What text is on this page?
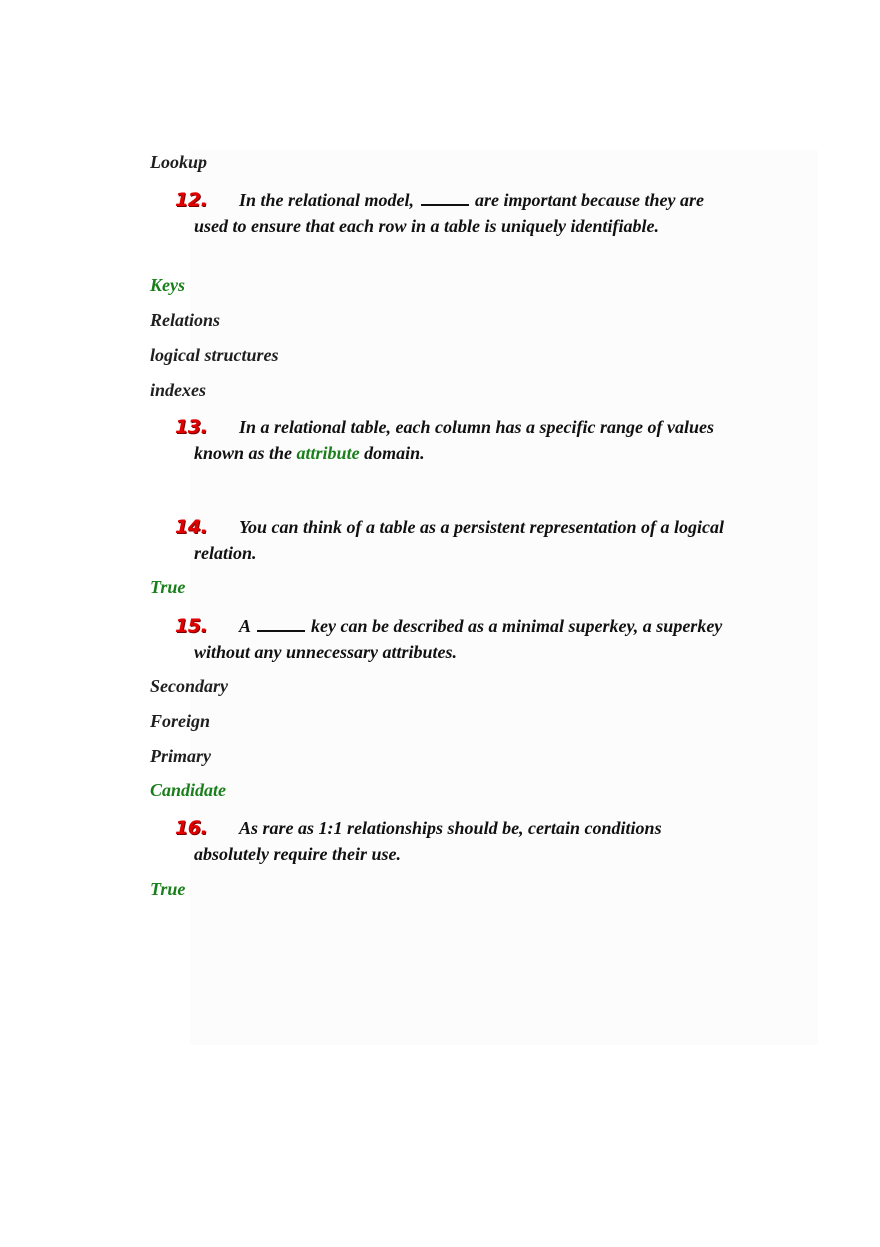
Lookup
12.	In the relational model,	are important because they are used to ensure that each row in a table is uniquely identifiable.
Keys
Relations
logical structures
indexes
13.	In a relational table, each column has a specific range of values known as the attribute domain.
14.	You can think of a table as a persistent representation of a logical relation.
True
15.	A	key can be described as a minimal superkey, a superkey without any unnecessary attributes.
Secondary
Foreign
Primary
Candidate
16.	As rare as 1:1 relationships should be, certain conditions absolutely require their use.
True
